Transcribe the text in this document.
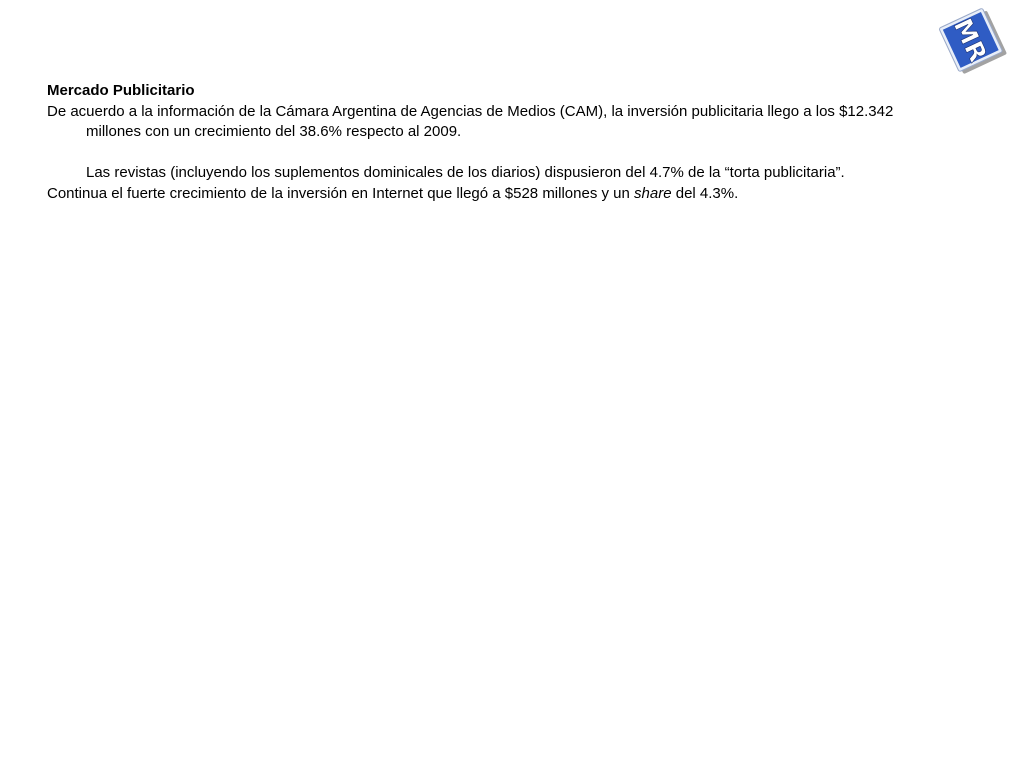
MR

Mercado Publicitario

De acuerdo a la información de la Cámara Argentina de Agencias de Medios (CAM), la inversión publicitaria llego a los $12.342 millones con un crecimiento del 38.6% respecto al 2009.

Las revistas (incluyendo los suplementos dominicales de los diarios) dispusieron del 4.7% de la “torta publicitaria”.

Continua el fuerte crecimiento de la inversión en Internet que llegó a $528 millones y un share del 4.3%.
